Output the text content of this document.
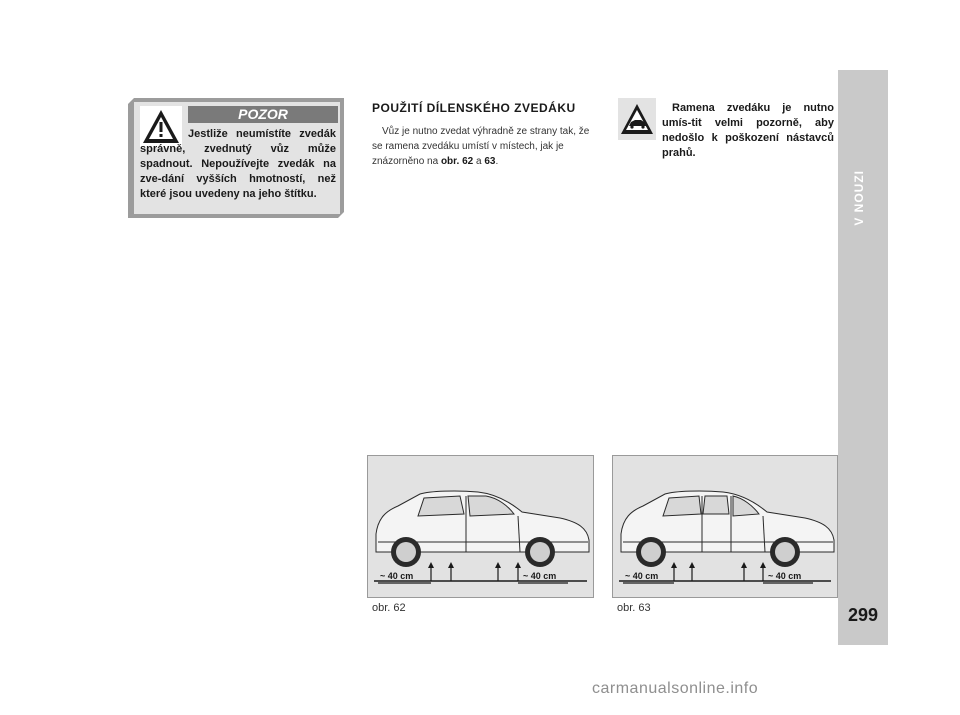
V NOUZI
299
POZOR
Jestliže neumístíte zvedák správně, zvednutý vůz může spadnout. Nepoužívejte zvedák na zve-dání vyšších hmotností, než které jsou uvedeny na jeho štítku.
POUŽITÍ DÍLENSKÉHO ZVEDÁKU
Vůz je nutno zvedat výhradně ze strany tak, že se ramena zvedáku umístí v místech, jak je znázorněno na obr. 62 a 63.
Ramena zvedáku je nutno umís-tit velmi pozorně, aby nedošlo k poškození nástavců prahů.
~ 40 cm	~ 40 cm
obr. 62
~ 40 cm	~ 40 cm
obr. 63
carmanualsonline.info
